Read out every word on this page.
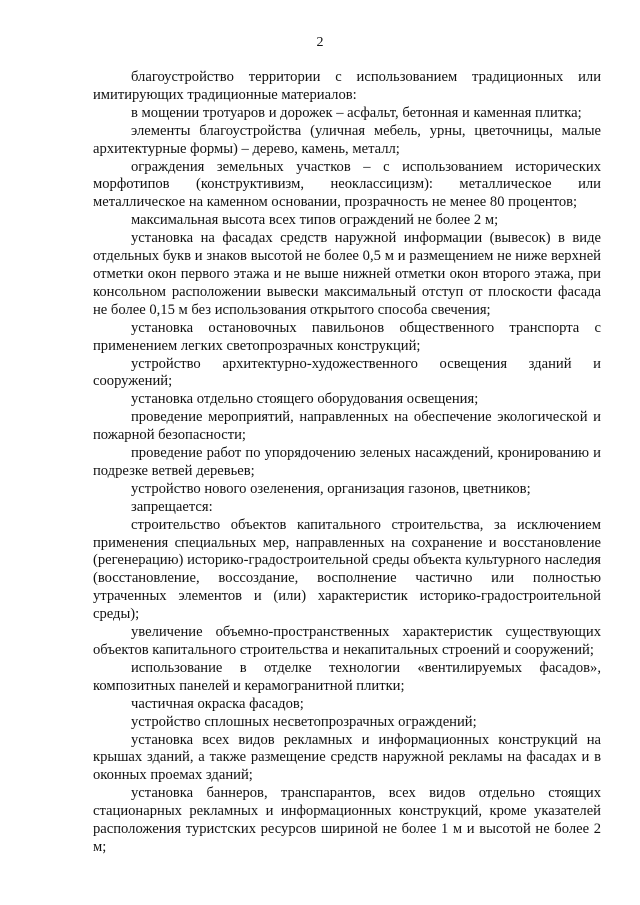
2

благоустройство территории с использованием традиционных или имитирующих традиционные материалов:

в мощении тротуаров и дорожек – асфальт, бетонная и каменная плитка;

элементы благоустройства (уличная мебель, урны, цветочницы, малые архитектурные формы) – дерево, камень, металл;

ограждения земельных участков – с использованием исторических морфотипов (конструктивизм, неоклассицизм): металлическое или металлическое на каменном основании, прозрачность не менее 80 процентов;

максимальная высота всех типов ограждений не более 2 м;

установка на фасадах средств наружной информации (вывесок) в виде отдельных букв и знаков высотой не более 0,5 м и размещением не ниже верхней отметки окон первого этажа и не выше нижней отметки окон второго этажа, при консольном расположении вывески максимальный отступ от плоскости фасада не более 0,15 м без использования открытого способа свечения;

установка остановочных павильонов общественного транспорта с применением легких светопрозрачных конструкций;

устройство архитектурно-художественного освещения зданий и сооружений;

установка отдельно стоящего оборудования освещения;

проведение мероприятий, направленных на обеспечение экологической и пожарной безопасности;

проведение работ по упорядочению зеленых насаждений, кронированию и подрезке ветвей деревьев;

устройство нового озеленения, организация газонов, цветников;

запрещается:

строительство объектов капитального строительства, за исключением применения специальных мер, направленных на сохранение и восстановление (регенерацию) историко-градостроительной среды объекта культурного наследия (восстановление, воссоздание, восполнение частично или полностью утраченных элементов и (или) характеристик историко-градостроительной среды);

увеличение объемно-пространственных характеристик существующих объектов капитального строительства и некапитальных строений и сооружений;

использование в отделке технологии «вентилируемых фасадов», композитных панелей и керамогранитной плитки;

частичная окраска фасадов;

устройство сплошных несветопрозрачных ограждений;

установка всех видов рекламных и информационных конструкций на крышах зданий, а также размещение средств наружной рекламы на фасадах и в оконных проемах зданий;

установка баннеров, транспарантов, всех видов отдельно стоящих стационарных рекламных и информационных конструкций, кроме указателей расположения туристских ресурсов шириной не более 1 м и высотой не более 2 м;
